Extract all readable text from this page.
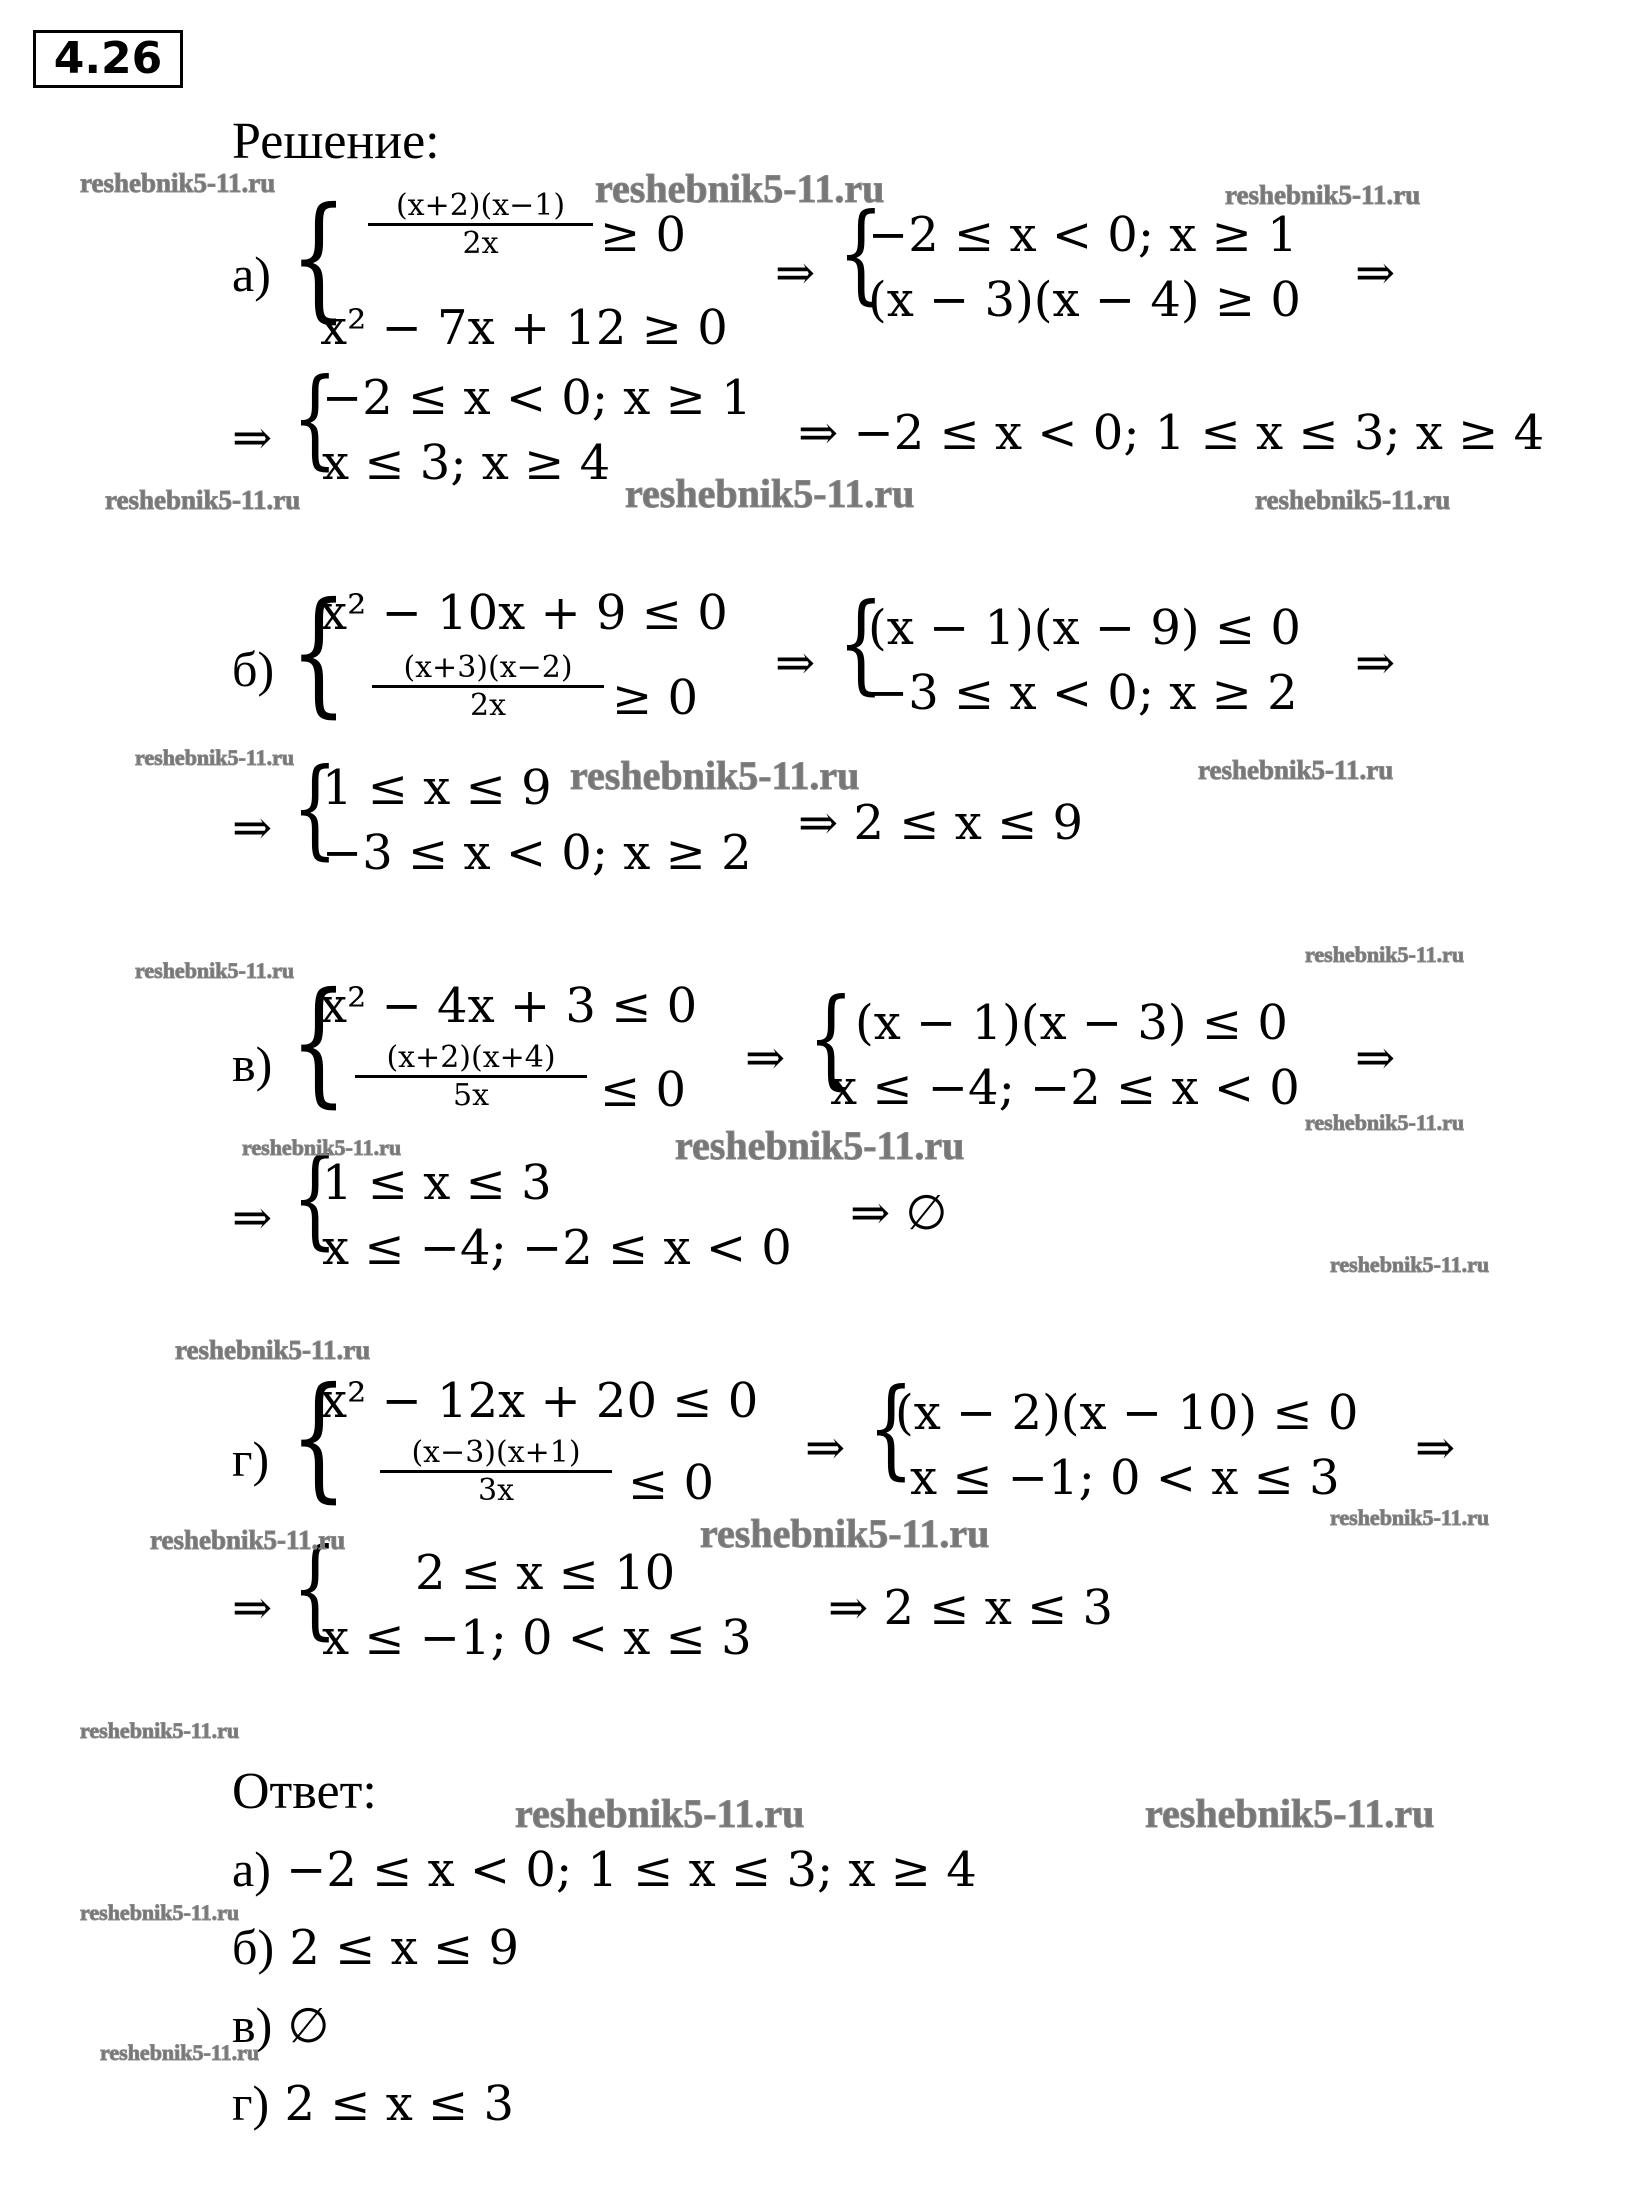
4.26
Решение:
а) {	(x+2)(x−1)
2x	≥ 0
x² − 7x + 12 ≥ 0
⇒ {
−2 ≤ x < 0; x ≥ 1
(x − 3)(x − 4) ≥ 0 ⇒
⇒ {
−2 ≤ x < 0; x ≥ 1
x ≤ 3; x ≥ 4
⇒ −2 ≤ x < 0; 1 ≤ x ≤ 3; x ≥ 4
x² − 10x + 9 ≤ 0
б) {	(x+3)(x−2)
2x	≥ 0
⇒ {
(x − 1)(x − 9) ≤ 0
−3 ≤ x < 0; x ≥ 2
⇒
⇒ {
1 ≤ x ≤ 9
−3 ≤ x < 0; x ≥ 2
⇒ 2 ≤ x ≤ 9
x² − 4x + 3 ≤ 0
в) {	(x+2)(x+4)
5x	≤ 0
⇒ { (x − 1)(x − 3) ≤ 0
x ≤ −4; −2 ≤ x < 0
⇒
⇒ {
1 ≤ x ≤ 3
x ≤ −4; −2 ≤ x < 0
⇒ ∅
x² − 12x + 20 ≤ 0
г) {	(x−3)(x+1)
3x	≤ 0
⇒ {
(x − 2)(x − 10) ≤ 0
x ≤ −1; 0 < x ≤ 3
⇒
⇒ { 2 ≤ x ≤ 10
x ≤ −1; 0 < x ≤ 3
⇒ 2 ≤ x ≤ 3
Ответ:
а) −2 ≤ x < 0; 1 ≤ x ≤ 3; x ≥ 4
б) 2 ≤ x ≤ 9
в) ∅
г) 2 ≤ x ≤ 3
reshebnik5-11.ru	reshebnik5-11.ru	reshebnik5-11.ru
reshebnik5-11.ru	reshebnik5-11.ru	reshebnik5-11.ru
reshebnik5-11.ru	reshebnik5-11.ru	reshebnik5-11.ru
reshebnik5-11.ru
reshebnik5-11.ru
reshebnik5-11.ru
reshebnik5-11.ru	reshebnik5-11.ru
reshebnik5-11.ru
reshebnik5-11.ru
reshebnik5-11.ru	reshebnik5-11.ru	reshebnik5-11.ru
reshebnik5-11.ru
reshebnik5-11.ru	reshebnik5-11.ru
reshebnik5-11.ru
reshebnik5-11.ru
